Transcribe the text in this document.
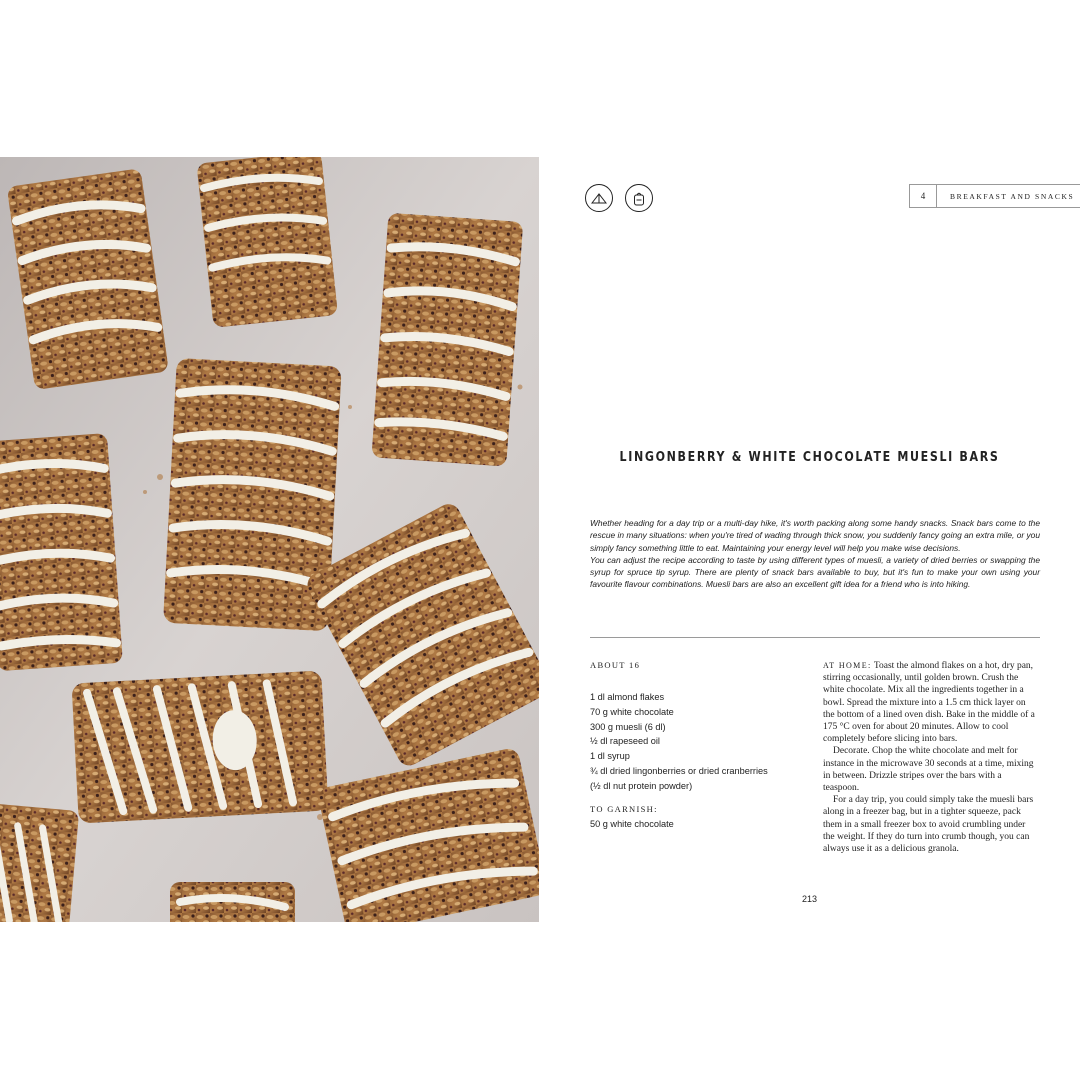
4	BREAKFAST AND SNACKS
LINGONBERRY & WHITE CHOCOLATE MUESLI BARS

Whether heading for a day trip or a multi-day hike, it's worth packing along some handy snacks. Snack bars come to the rescue in many situations: when you're tired of wading through thick snow, you suddenly fancy going an extra mile, or you simply fancy something little to eat. Maintaining your energy level will help you make wise decisions.

You can adjust the recipe according to taste by using different types of muesli, a variety of dried berries or swapping the syrup for spruce tip syrup. There are plenty of snack bars available to buy, but it's fun to make your own using your favourite flavour combinations. Muesli bars are also an excellent gift idea for a friend who is into hiking.

ABOUT 16
1 dl almond flakes
70 g white chocolate
300 g muesli (6 dl)
½ dl rapeseed oil
1 dl syrup
¾ dl dried lingonberries or dried cranberries
(½ dl nut protein powder)
TO GARNISH:
50 g white chocolate

AT HOME: Toast the almond flakes on a hot, dry pan, stirring occasionally, until golden brown. Crush the white chocolate. Mix all the ingredients together in a bowl. Spread the mixture into a 1.5 cm thick layer on the bottom of a lined oven dish. Bake in the middle of a 175 °C oven for about 20 minutes. Allow to cool completely before slicing into bars.

Decorate. Chop the white chocolate and melt for instance in the microwave 30 seconds at a time, mixing in between. Drizzle stripes over the bars with a teaspoon.

For a day trip, you could simply take the muesli bars along in a freezer bag, but in a tighter squeeze, pack them in a small freezer box to avoid crumbling under the weight. If they do turn into crumb though, you can always use it as a delicious granola.

213
